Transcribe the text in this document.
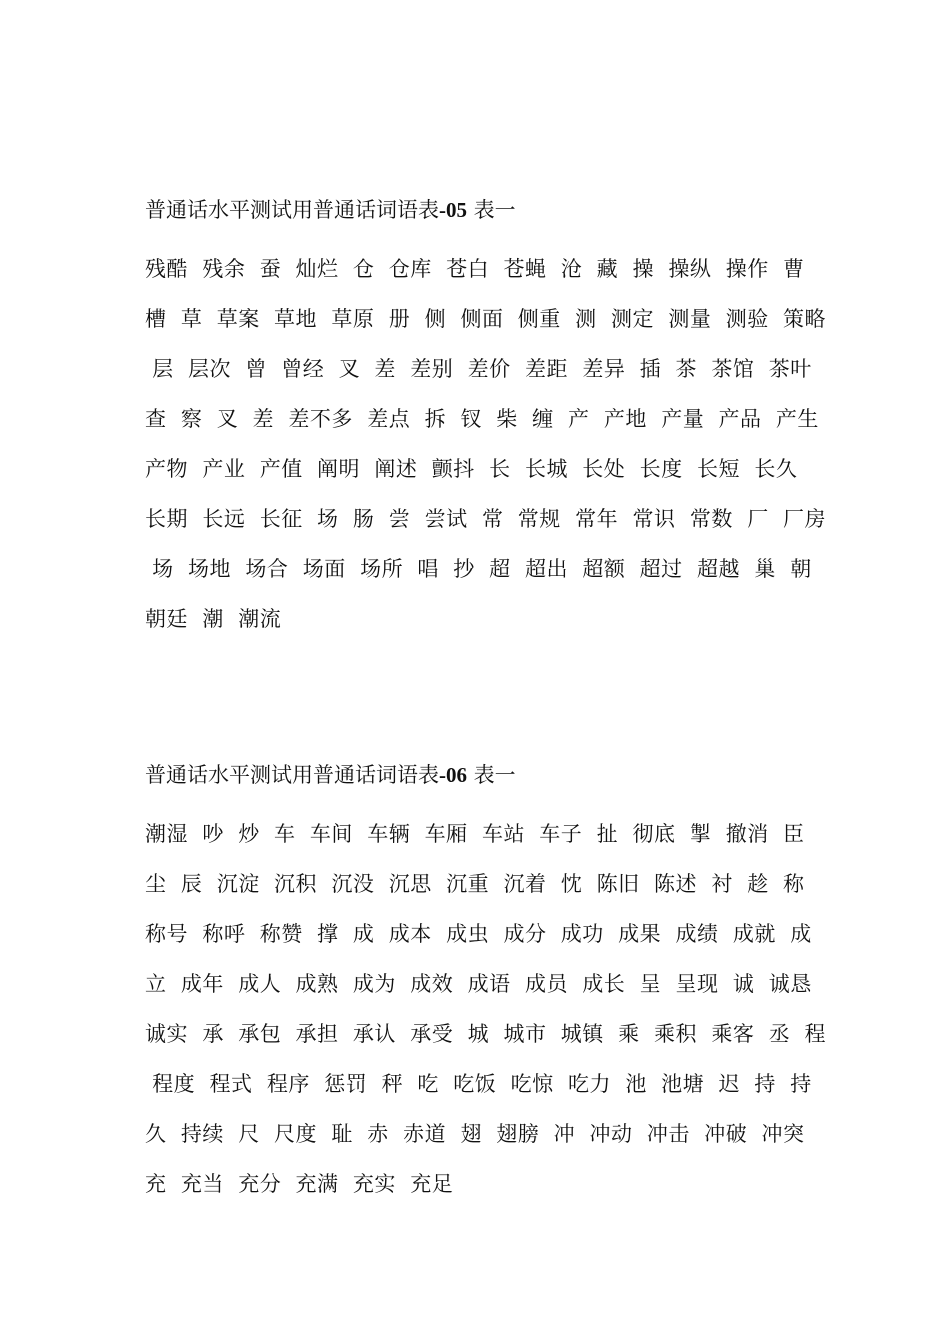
普通话水平测试用普通话词语表-05 表一
残酷  残余  蚕  灿烂  仓  仓库  苍白  苍蝇  沧  藏  操  操纵  操作  曹
槽  草  草案  草地  草原  册  侧  侧面  侧重  测  测定  测量  测验  策略
层  层次  曾  曾经  叉  差  差别  差价  差距  差异  插  茶  茶馆  茶叶
查  察  叉  差  差不多  差点  拆  钗  柴  缠  产  产地  产量  产品  产生
产物  产业  产值  阐明  阐述  颤抖  长  长城  长处  长度  长短  长久
长期  长远  长征  场  肠  尝  尝试  常  常规  常年  常识  常数  厂  厂房
场  场地  场合  场面  场所  唱  抄  超  超出  超额  超过  超越  巢  朝
朝廷  潮  潮流
普通话水平测试用普通话词语表-06 表一
潮湿  吵  炒  车  车间  车辆  车厢  车站  车子  扯  彻底  掣  撤消  臣
尘  辰  沉淀  沉积  沉没  沉思  沉重  沉着  忱  陈旧  陈述  衬  趁  称
称号  称呼  称赞  撑  成  成本  成虫  成分  成功  成果  成绩  成就  成
立  成年  成人  成熟  成为  成效  成语  成员  成长  呈  呈现  诚  诚恳
诚实  承  承包  承担  承认  承受  城  城市  城镇  乘  乘积  乘客  丞  程
程度  程式  程序  惩罚  秤  吃  吃饭  吃惊  吃力  池  池塘  迟  持  持
久  持续  尺  尺度  耻  赤  赤道  翅  翅膀  冲  冲动  冲击  冲破  冲突
充  充当  充分  充满  充实  充足
